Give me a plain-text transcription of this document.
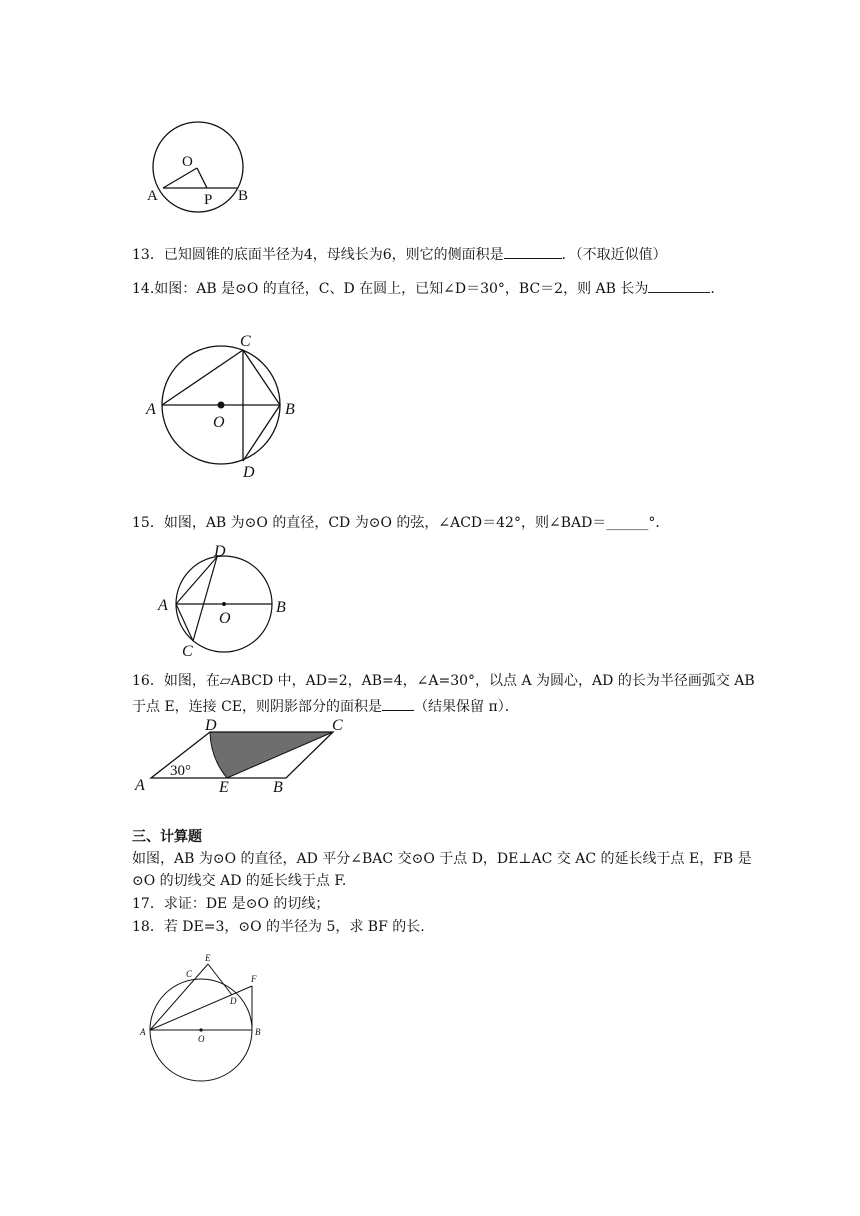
O
A	P B
13．已知圆锥的底面半径为4，母线长为6，则它的侧面积是	．（不取近似值）
14.如图：AB 是⊙O 的直径，C、D 在圆上，已知∠D＝30°，BC＝2，则 AB 长为	.
A	B
C
D
O
15．如图，AB 为⊙O 的直径，CD 为⊙O 的弦，∠ACD＝42°，则∠BAD＝______°．
A	B
C
D
O
16．如图，在▱ABCD 中，AD=2，AB=4，∠A=30°，以点 A 为圆心，AD 的长为半径画弧交 AB
于点 E，连接 CE，则阴影部分的面积是 （结果保留 π）．
A	B
C
D
E
30°
三、计算题
如图，AB 为⊙O 的直径，AD 平分∠BAC 交⊙O 于点 D，DE⊥AC 交 AC 的延长线于点 E，FB 是
⊙O 的切线交 AD 的延长线于点 F.
17．求证：DE 是⊙O 的切线；
18．若 DE=3，⊙O 的半径为 5，求 BF 的长.
A	B
C
D
E
F
O
